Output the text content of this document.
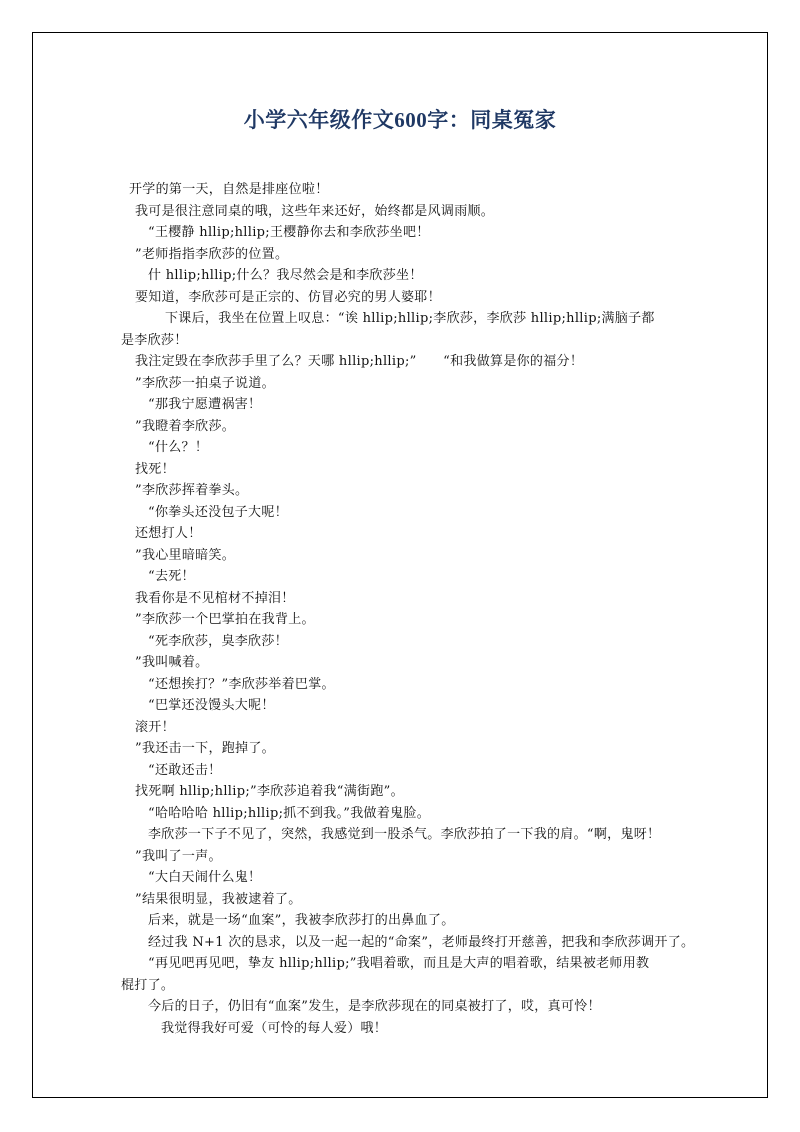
小学六年级作文600字：同桌冤家
开学的第一天，自然是排座位啦！
我可是很注意同桌的哦，这些年来还好，始终都是风调雨顺。
“王樱静 hllip;hllip;王樱静你去和李欣莎坐吧！
”老师指指李欣莎的位置。
什 hllip;hllip;什么？我尽然会是和李欣莎坐！
要知道，李欣莎可是正宗的、仿冒必究的男人婆耶！
下课后，我坐在位置上叹息：“诶 hllip;hllip;李欣莎，李欣莎 hllip;hllip;满脑子都
是李欣莎！
我注定毁在李欣莎手里了么？天哪 hllip;hllip;”　　“和我做算是你的福分！
”李欣莎一拍桌子说道。
“那我宁愿遭祸害！
”我瞪着李欣莎。
“什么？！
找死！
”李欣莎挥着拳头。
“你拳头还没包子大呢！
还想打人！
”我心里暗暗笑。
“去死！
我看你是不见棺材不掉泪！
”李欣莎一个巴掌拍在我背上。
“死李欣莎，臭李欣莎！
”我叫喊着。
“还想挨打？”李欣莎举着巴掌。
“巴掌还没馒头大呢！
滚开！
”我还击一下，跑掉了。
“还敢还击！
找死啊 hllip;hllip;”李欣莎追着我“满街跑”。
“哈哈哈哈 hllip;hllip;抓不到我。”我做着鬼脸。
李欣莎一下子不见了，突然，我感觉到一股杀气。李欣莎拍了一下我的肩。“啊，鬼呀！
”我叫了一声。
“大白天闹什么鬼！
”结果很明显，我被逮着了。
后来，就是一场“血案”，我被李欣莎打的出鼻血了。
经过我 N+1 次的恳求，以及一起一起的“命案”，老师最终打开慈善，把我和李欣莎调开了。
“再见吧再见吧，挚友 hllip;hllip;”我唱着歌，而且是大声的唱着歌，结果被老师用教
棍打了。
今后的日子，仍旧有“血案”发生，是李欣莎现在的同桌被打了，哎，真可怜！
我觉得我好可爱（可怜的每人爱）哦！
